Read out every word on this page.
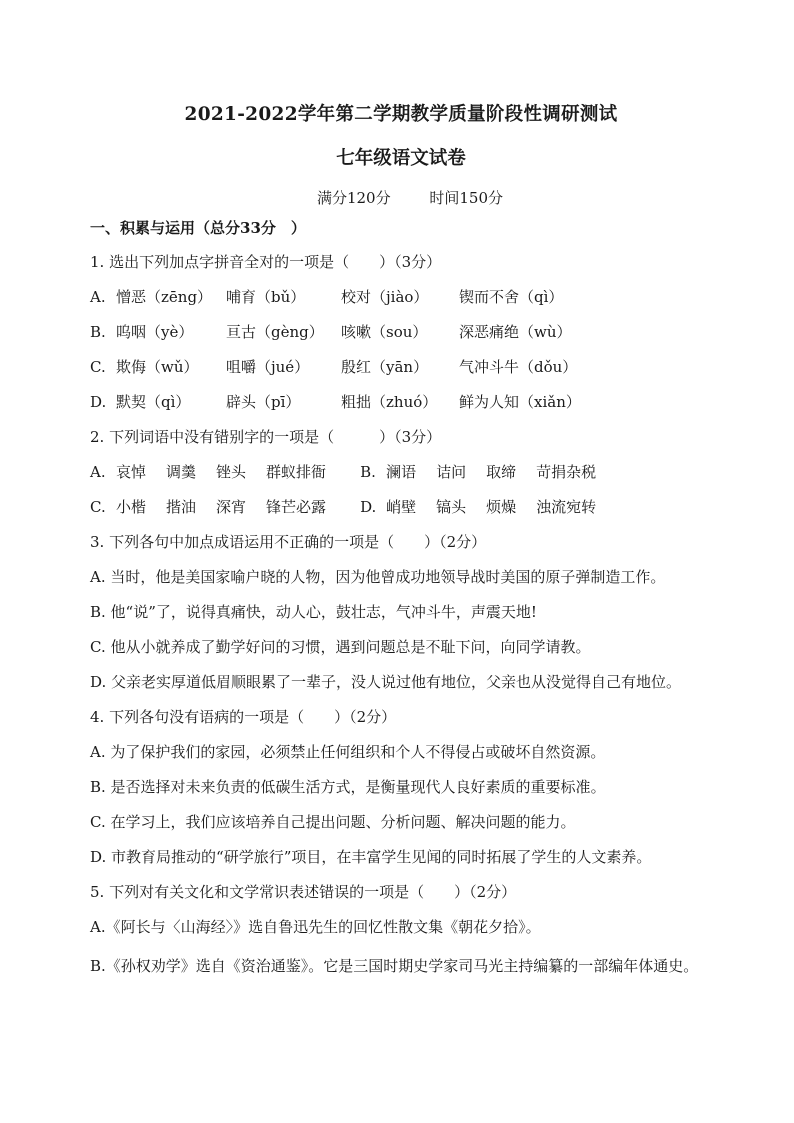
2021-2022学年第二学期教学质量阶段性调研测试
七年级语文试卷
满分120分	时间150分
一、积累与运用（总分33分　）
1. 选出下列加点字拼音全对的一项是（　　）（3分）
A. 憎恶（zēng） 哺育（bǔ） 校对（jiào） 锲而不舍（qì）
B. 呜咽（yè） 亘古（gèng） 咳嗽（sou） 深恶痛绝（wù）
C. 欺侮（wǔ） 咀嚼（jué） 殷红（yān） 气冲斗牛（dǒu）
D. 默契（qì） 辟头（pī）	粗拙（zhuó） 鲜为人知（xiǎn）
2. 下列词语中没有错别字的一项是（　　　）（3分）
A. 哀悼 调羹 锉头 群蚁排衙 B. 澜语 诘问 取缔 苛捐杂税
C. 小楷 揩油 深宵 锋芒必露 D. 峭壁 镐头 烦燥 浊流宛转
3. 下列各句中加点成语运用不正确的一项是（　　）（2分）
A. 当时，他是美国家喻户晓的人物，因为他曾成功地领导战时美国的原子弹制造工作。
B. 他“说”了，说得真痛快，动人心，鼓壮志，气冲斗牛，声震天地!
C. 他从小就养成了勤学好问的习惯，遇到问题总是不耻下问，向同学请教。
D. 父亲老实厚道低眉顺眼累了一辈子，没人说过他有地位，父亲也从没觉得自己有地位。
4. 下列各句没有语病的一项是（　　）（2分）
A. 为了保护我们的家园，必须禁止任何组织和个人不得侵占或破坏自然资源。
B. 是否选择对未来负责的低碳生活方式，是衡量现代人良好素质的重要标准。
C. 在学习上，我们应该培养自己提出问题、分析问题、解决问题的能力。
D. 市教育局推动的“研学旅行”项目，在丰富学生见闻的同时拓展了学生的人文素养。
5. 下列对有关文化和文学常识表述错误的一项是（　　）（2分）
A.《阿长与〈山海经〉》选自鲁迅先生的回忆性散文集《朝花夕拾》。
B.《孙权劝学》选自《资治通鉴》。它是三国时期史学家司马光主持编纂的一部编年体通史。
